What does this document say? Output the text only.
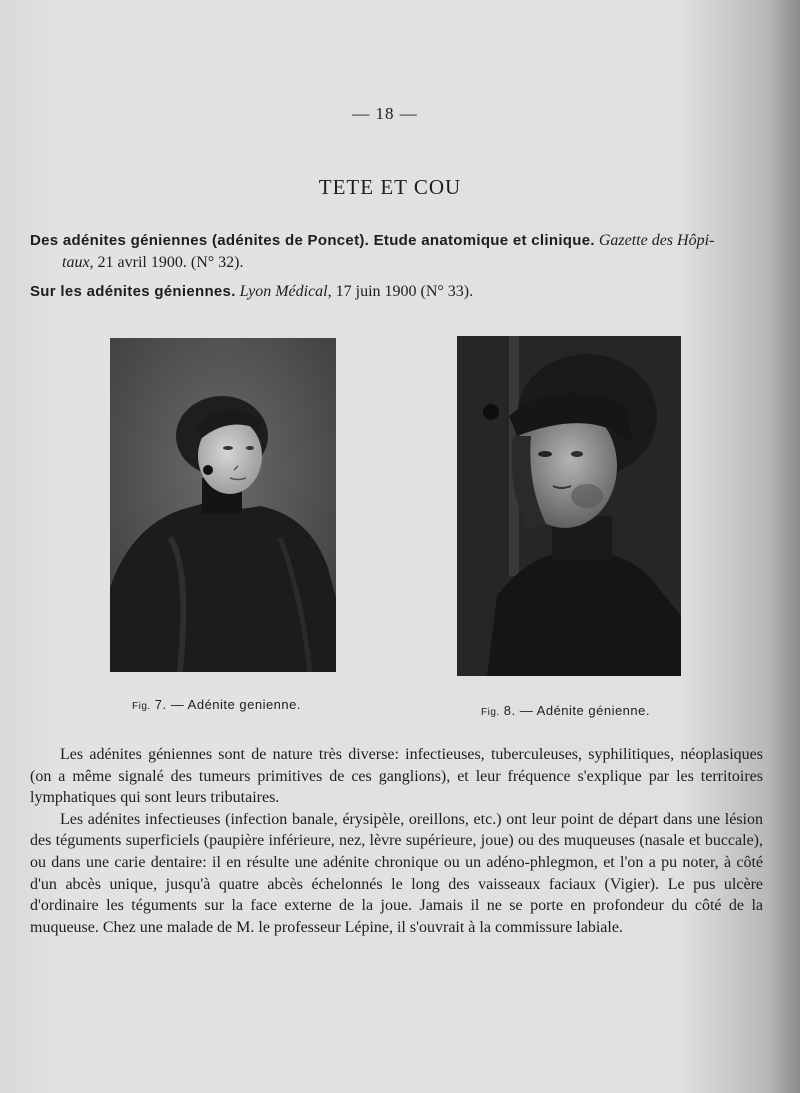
— 18 —
TETE ET COU
Des adénites géniennes (adénites de Poncet). Etude anatomique et clinique. Gazette des Hôpi-
taux, 21 avril 1900. (N° 32).
Sur les adénites géniennes. Lyon Médical, 17 juin 1900 (N° 33).
Fig. 7. — Adénite genienne.
Fig. 8. — Adénite génienne.

Les adénites géniennes sont de nature très diverse: infectieuses, tuberculeuses, syphilitiques, néoplasiques (on a même signalé des tumeurs primitives de ces ganglions), et leur fréquence s'explique par les territoires lymphatiques qui sont leurs tributaires.

Les adénites infectieuses (infection banale, érysipèle, oreillons, etc.) ont leur point de départ dans une lésion des téguments superficiels (paupière inférieure, nez, lèvre supérieure, joue) ou des muqueuses (nasale et buccale), ou dans une carie dentaire: il en résulte une adénite chronique ou un adéno-phlegmon, et l'on a pu noter, à côté d'un abcès unique, jusqu'à quatre abcès échelonnés le long des vaisseaux faciaux (Vigier). Le pus ulcère d'ordinaire les téguments sur la face externe de la joue. Jamais il ne se porte en profondeur du côté de la muqueuse. Chez une malade de M. le professeur Lépine, il s'ouvrait à la commissure labiale.
